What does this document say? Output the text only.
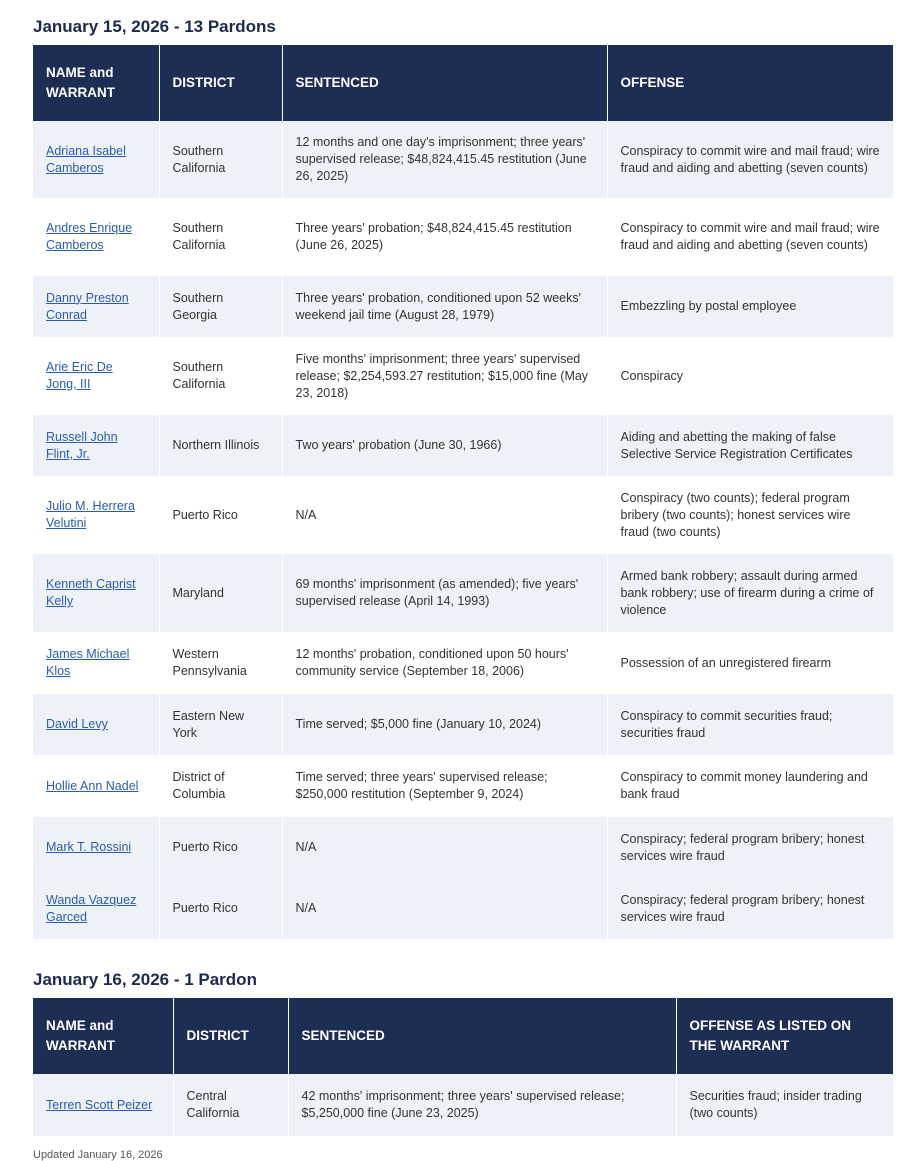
January 15, 2026 - 13 Pardons
NAME and WARRANT	DISTRICT	SENTENCED	OFFENSE
Adriana Isabel Camberos	Southern California	12 months and one day's imprisonment; three years' supervised release; $48,824,415.45 restitution (June 26, 2025)	Conspiracy to commit wire and mail fraud; wire fraud and aiding and abetting (seven counts)
Andres Enrique Camberos	Southern California	Three years' probation; $48,824,415.45 restitution (June 26, 2025)	Conspiracy to commit wire and mail fraud; wire fraud and aiding and abetting (seven counts)
Danny Preston Conrad	Southern Georgia	Three years' probation, conditioned upon 52 weeks' weekend jail time (August 28, 1979)	Embezzling by postal employee
Arie Eric De Jong, III	Southern California	Five months' imprisonment; three years' supervised release; $2,254,593.27 restitution; $15,000 fine (May 23, 2018)	Conspiracy
Russell John Flint, Jr.	Northern Illinois	Two years' probation (June 30, 1966)	Aiding and abetting the making of false Selective Service Registration Certificates
Julio M. Herrera Velutini	Puerto Rico	N/A	Conspiracy (two counts); federal program bribery (two counts); honest services wire fraud (two counts)
Kenneth Caprist Kelly	Maryland	69 months' imprisonment (as amended); five years' supervised release (April 14, 1993)	Armed bank robbery; assault during armed bank robbery; use of firearm during a crime of violence
James Michael Klos	Western Pennsylvania	12 months' probation, conditioned upon 50 hours' community service (September 18, 2006)	Possession of an unregistered firearm
David Levy	Eastern New York	Time served; $5,000 fine (January 10, 2024)	Conspiracy to commit securities fraud; securities fraud
Hollie Ann Nadel	District of Columbia	Time served; three years' supervised release; $250,000 restitution (September 9, 2024)	Conspiracy to commit money laundering and bank fraud
Mark T. Rossini	Puerto Rico	N/A	Conspiracy; federal program bribery; honest services wire fraud
Wanda Vazquez Garced	Puerto Rico	N/A	Conspiracy; federal program bribery; honest services wire fraud
January 16, 2026 - 1 Pardon
NAME and WARRANT	DISTRICT	SENTENCED	OFFENSE AS LISTED ON THE WARRANT
Terren Scott Peizer	Central California	42 months' imprisonment; three years' supervised release; $5,250,000 fine (June 23, 2025)	Securities fraud; insider trading (two counts)
Updated January 16, 2026
